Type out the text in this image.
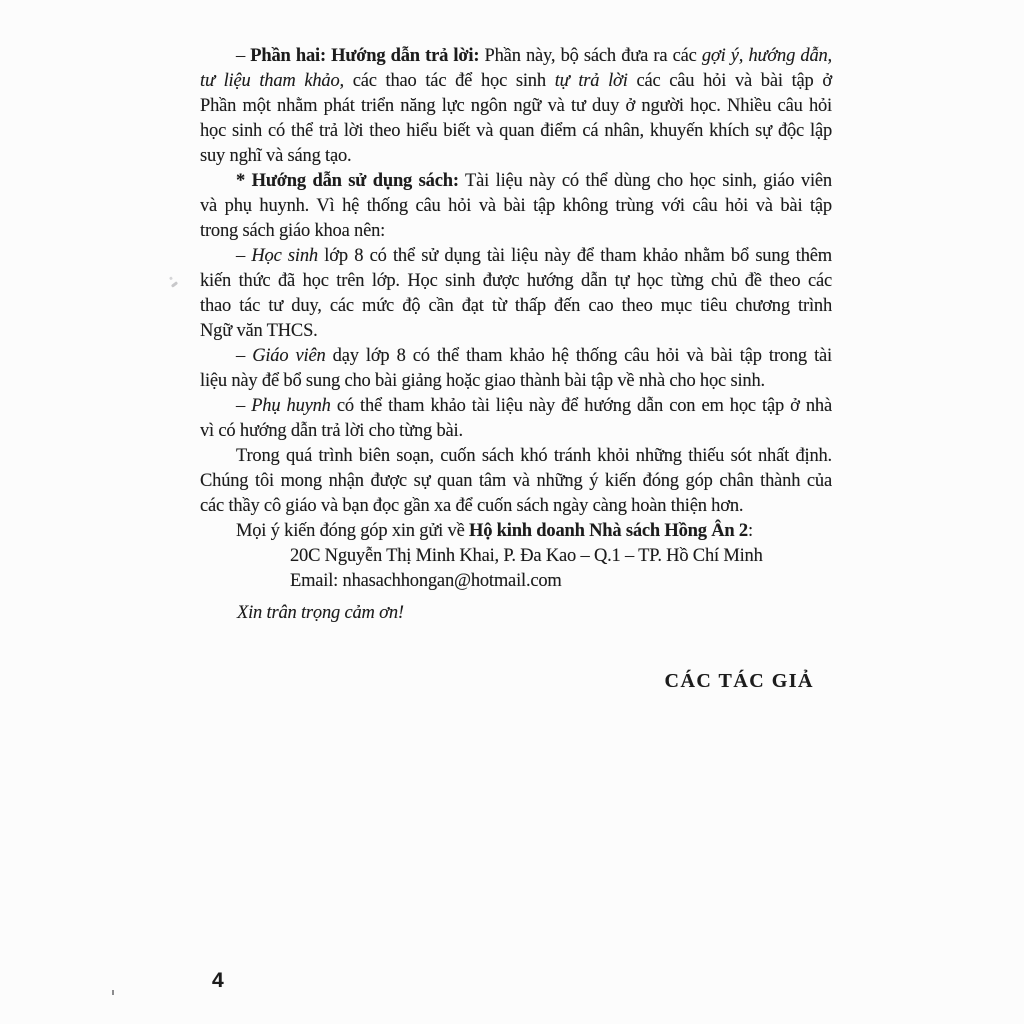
– Phần hai: Hướng dẫn trả lời: Phần này, bộ sách đưa ra các gợi ý, hướng dẫn,
tư liệu tham khảo, các thao tác để học sinh tự trả lời các câu hỏi và bài tập ở
Phần một nhằm phát triển năng lực ngôn ngữ và tư duy ở người học. Nhiều câu hỏi
học sinh có thể trả lời theo hiểu biết và quan điểm cá nhân, khuyến khích sự độc lập
suy nghĩ và sáng tạo.
* Hướng dẫn sử dụng sách: Tài liệu này có thể dùng cho học sinh, giáo viên
và phụ huynh. Vì hệ thống câu hỏi và bài tập không trùng với câu hỏi và bài tập
trong sách giáo khoa nên:
– Học sinh lớp 8 có thể sử dụng tài liệu này để tham khảo nhằm bổ sung thêm
kiến thức đã học trên lớp. Học sinh được hướng dẫn tự học từng chủ đề theo các
thao tác tư duy, các mức độ cần đạt từ thấp đến cao theo mục tiêu chương trình
Ngữ văn THCS.
– Giáo viên dạy lớp 8 có thể tham khảo hệ thống câu hỏi và bài tập trong tài
liệu này để bổ sung cho bài giảng hoặc giao thành bài tập về nhà cho học sinh.
– Phụ huynh có thể tham khảo tài liệu này để hướng dẫn con em học tập ở nhà
vì có hướng dẫn trả lời cho từng bài.
Trong quá trình biên soạn, cuốn sách khó tránh khỏi những thiếu sót nhất định.
Chúng tôi mong nhận được sự quan tâm và những ý kiến đóng góp chân thành của
các thầy cô giáo và bạn đọc gần xa để cuốn sách ngày càng hoàn thiện hơn.
Mọi ý kiến đóng góp xin gửi về Hộ kinh doanh Nhà sách Hồng Ân 2:
20C Nguyễn Thị Minh Khai, P. Đa Kao – Q.1 – TP. Hồ Chí Minh
Email: nhasachhongan@hotmail.com
Xin trân trọng cảm ơn!
CÁC TÁC GIẢ
4
